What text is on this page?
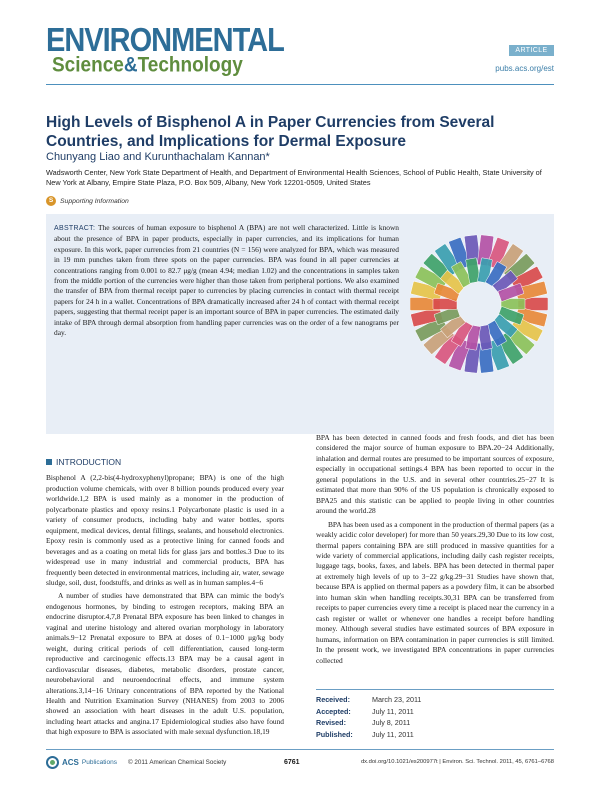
ENVIRONMENTAL
Science&Technology
ARTICLE
pubs.acs.org/est
High Levels of Bisphenol A in Paper Currencies from Several Countries, and Implications for Dermal Exposure
Chunyang Liao and Kurunthachalam Kannan*
Wadsworth Center, New York State Department of Health, and Department of Environmental Health Sciences, School of Public Health, State University of New York at Albany, Empire State Plaza, P.O. Box 509, Albany, New York 12201-0509, United States
S	Supporting Information

ABSTRACT: The sources of human exposure to bisphenol A (BPA) are not well characterized. Little is known about the presence of BPA in paper products, especially in paper currencies, and its implications for human exposure. In this work, paper currencies from 21 countries (N = 156) were analyzed for BPA, which was measured in 19 mm punches taken from three spots on the paper currencies. BPA was found in all paper currencies at concentrations ranging from 0.001 to 82.7 μg/g (mean 4.94; median 1.02) and the concentrations in samples taken from the middle portion of the currencies were higher than those taken from peripheral portions. We also examined the transfer of BPA from thermal receipt paper to currencies by placing currencies in contact with thermal receipt papers for 24 h in a wallet. Concentrations of BPA dramatically increased after 24 h of contact with thermal receipt papers, suggesting that thermal receipt paper is an important source of BPA in paper currencies. The estimated daily intake of BPA through dermal absorption from handling paper currencies was on the order of a few nanograms per day.

INTRODUCTION

Bisphenol A (2,2-bis(4-hydroxyphenyl)propane; BPA) is one of the high production volume chemicals, with over 8 billion pounds produced every year worldwide.1,2 BPA is used mainly as a monomer in the production of polycarbonate plastics and epoxy resins.1 Polycarbonate plastic is used in a variety of consumer products, including baby and water bottles, sports equipment, medical devices, dental fillings, sealants, and household electronics. Epoxy resin is commonly used as a protective lining for canned foods and beverages and as a coating on metal lids for glass jars and bottles.3 Due to its widespread use in many industrial and commercial products, BPA has frequently been detected in environmental matrices, including air, water, sewage sludge, soil, dust, foodstuffs, and drinks as well as in human samples.4−6

A number of studies have demonstrated that BPA can mimic the body's endogenous hormones, by binding to estrogen receptors, making BPA an endocrine disruptor.4,7,8 Prenatal BPA exposure has been linked to changes in vaginal and uterine histology and altered ovarian morphology in laboratory animals.9−12 Prenatal exposure to BPA at doses of 0.1−1000 μg/kg body weight, during critical periods of cell differentiation, caused long-term reproductive and carcinogenic effects.13 BPA may be a causal agent in cardiovascular diseases, diabetes, metabolic disorders, prostate cancer, neurobehavioral and neuroendocrinal effects, and immune system alterations.3,14−16 Urinary concentrations of BPA reported by the National Health and Nutrition Examination Survey (NHANES) from 2003 to 2006 showed an association with heart diseases in the adult U.S. population, including heart attacks and angina.17 Epidemiological studies also have found that high exposure to BPA is associated with male sexual dysfunction.18,19

BPA has been detected in canned foods and fresh foods, and diet has been considered the major source of human exposure to BPA.20−24 Additionally, inhalation and dermal routes are presumed to be important sources of exposure, especially in occupational settings.4 BPA has been reported to occur in the general populations in the U.S. and in several other countries.25−27 It is estimated that more than 90% of the US population is chronically exposed to BPA25 and this statistic can be applied to people living in other countries around the world.28

BPA has been used as a component in the production of thermal papers (as a weakly acidic color developer) for more than 50 years.29,30 Due to its low cost, thermal papers containing BPA are still produced in massive quantities for a wide variety of commercial applications, including daily cash register receipts, luggage tags, books, faxes, and labels. BPA has been detected in thermal paper at extremely high levels of up to 3−22 g/kg.29−31 Studies have shown that, because BPA is applied on thermal papers as a powdery film, it can be absorbed into human skin when handling receipts.30,31 BPA can be transferred from receipts to paper currencies every time a receipt is placed near the currency in a cash register or wallet or whenever one handles a receipt before handling money. Although several studies have estimated sources of BPA exposure in humans, information on BPA contamination in paper currencies is still limited. In the present work, we investigated BPA concentrations in paper currencies collected

Received:	March 23, 2011
Accepted:	July 11, 2011
Revised:	July 8, 2011
Published:	July 11, 2011
ACS Publications © 2011 American Chemical Society	6761	dx.doi.org/10.1021/es200977t | Environ. Sci. Technol. 2011, 45, 6761–6768
